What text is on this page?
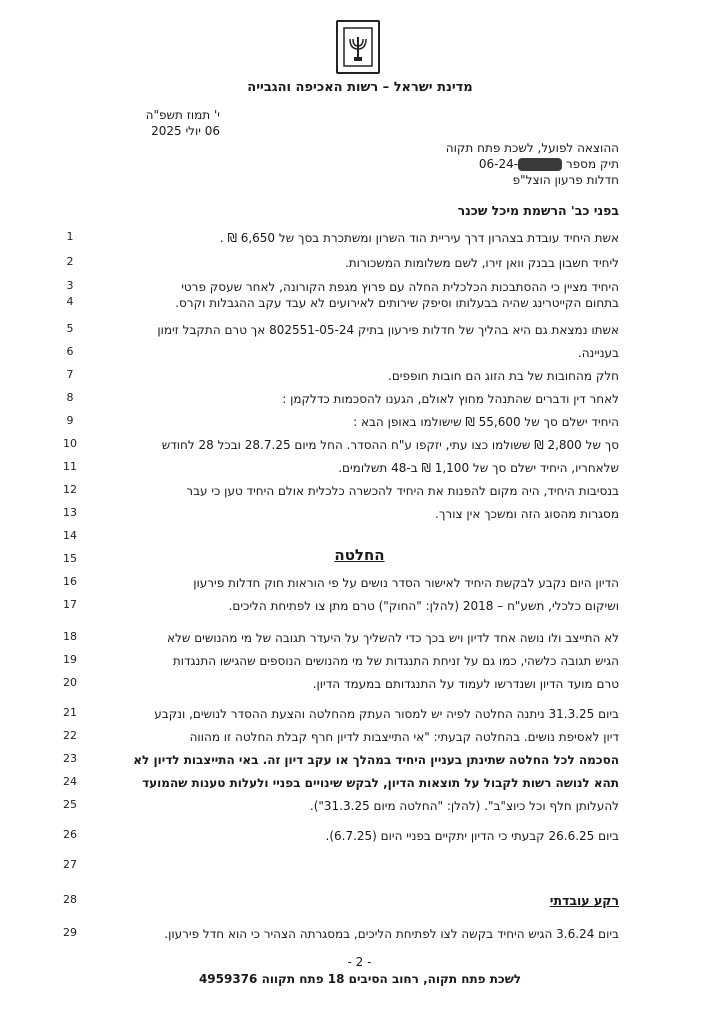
מדינת ישראל – רשות האכיפה והגבייה
י' תמוז תשפ"ה
06 יולי 2025
ההוצאה לפועל, לשכת פתח תקוה
תיק מספר -06-24
חדלות פרעון הוצל"פ
בפני כב' הרשמת מיכל שכנר
1
2
3
4
5
6
7
8
9
10
11
12
13
14
15
16
17
18
19
20
21
22
23
24
25
26
27
28
29
אשת היחיד עובדת בצהרון דרך עיריית הוד השרון ומשתכרת בסך של 6,650 ₪ .
ליחיד חשבון בבנק וואן זירו, לשם משלומות המשכורות.
היחיד מציין כי ההסתבכות הכלכלית החלה עם פרוץ מגפת הקורונה, לאחר שעסק פרטי
בתחום הקייטרינג שהיה בבעלותו וסיפק שירותים לאירועים לא עבד עקב ההגבלות וקרס.
אשתו נמצאת גם היא בהליך של חדלות פירעון בתיק 802551-05-24 אך טרם התקבל זימון
בעניינה.
חלק מהחובות של בת הזוג הם חובות חופפים.
לאחר דין ודברים שהתנהל מחוץ לאולם, הגענו להסכמות כדלקמן :
היחיד ישלם סך של 55,600 ₪ שישולמו באופן הבא :
סך של 2,800 ₪ ששולמו כצו עתי, יזקפו ע"ח ההסדר. החל מיום 28.7.25 ובכל 28 לחודש
שלאחריו, היחיד ישלם סך של 1,100 ₪ ב-48 תשלומים.
בנסיבות היחיד, היה מקום להפנות את היחיד להכשרה כלכלית אולם היחיד טען כי עבר
מסגרות מהסוג הזה ומשכך אין צורך.
החלטה
הדיון היום נקבע לבקשת היחיד לאישור הסדר נושים על פי הוראות חוק חדלות פירעון
ושיקום כלכלי, תשע"ח – 2018 (להלן: "החוק") טרם מתן צו לפתיחת הליכים.
לא התייצב ולו נושה אחד לדיון ויש בכך כדי להשליך על היעדר תגובה של מי מהנושים שלא
הגיש תגובה כלשהי, כמו גם על זניחת התנגדות של מי מהנושים הנוספים שהגישו התנגדות
טרם מועד הדיון ושנדרשו לעמוד על התנגדותם במעמד הדיון.
ביום 31.3.25 ניתנה החלטה לפיה יש למסור העתק מהחלטה והצעת ההסדר לנושים, ונקבע
דיון לאסיפת נושים. בהחלטה קבעתי: "אי התייצבות לדיון חרף קבלת החלטה זו מהווה
הסכמה לכל החלטה שתינתן בעניין היחיד במהלך או עקב דיון זה. באי התייצבות לדיון לא
תהא לנושה רשות לקבול על תוצאות הדיון, לבקש שינויים בפניי ולעלות טענות שהמועד
להעלותן חלף וכל כיוצ"ב". (להלן: "החלטה מיום 31.3.25").
ביום 26.6.25 קבעתי כי הדיון יתקיים בפניי היום (6.7.25).
רקע עובדתי
ביום 3.6.24 הגיש היחיד בקשה לצו לפתיחת הליכים, במסגרתה הצהיר כי הוא חדל פירעון.
- 2 -
לשכת פתח תקוה, רחוב הסיבים 18 פתח תקווה 4959376
